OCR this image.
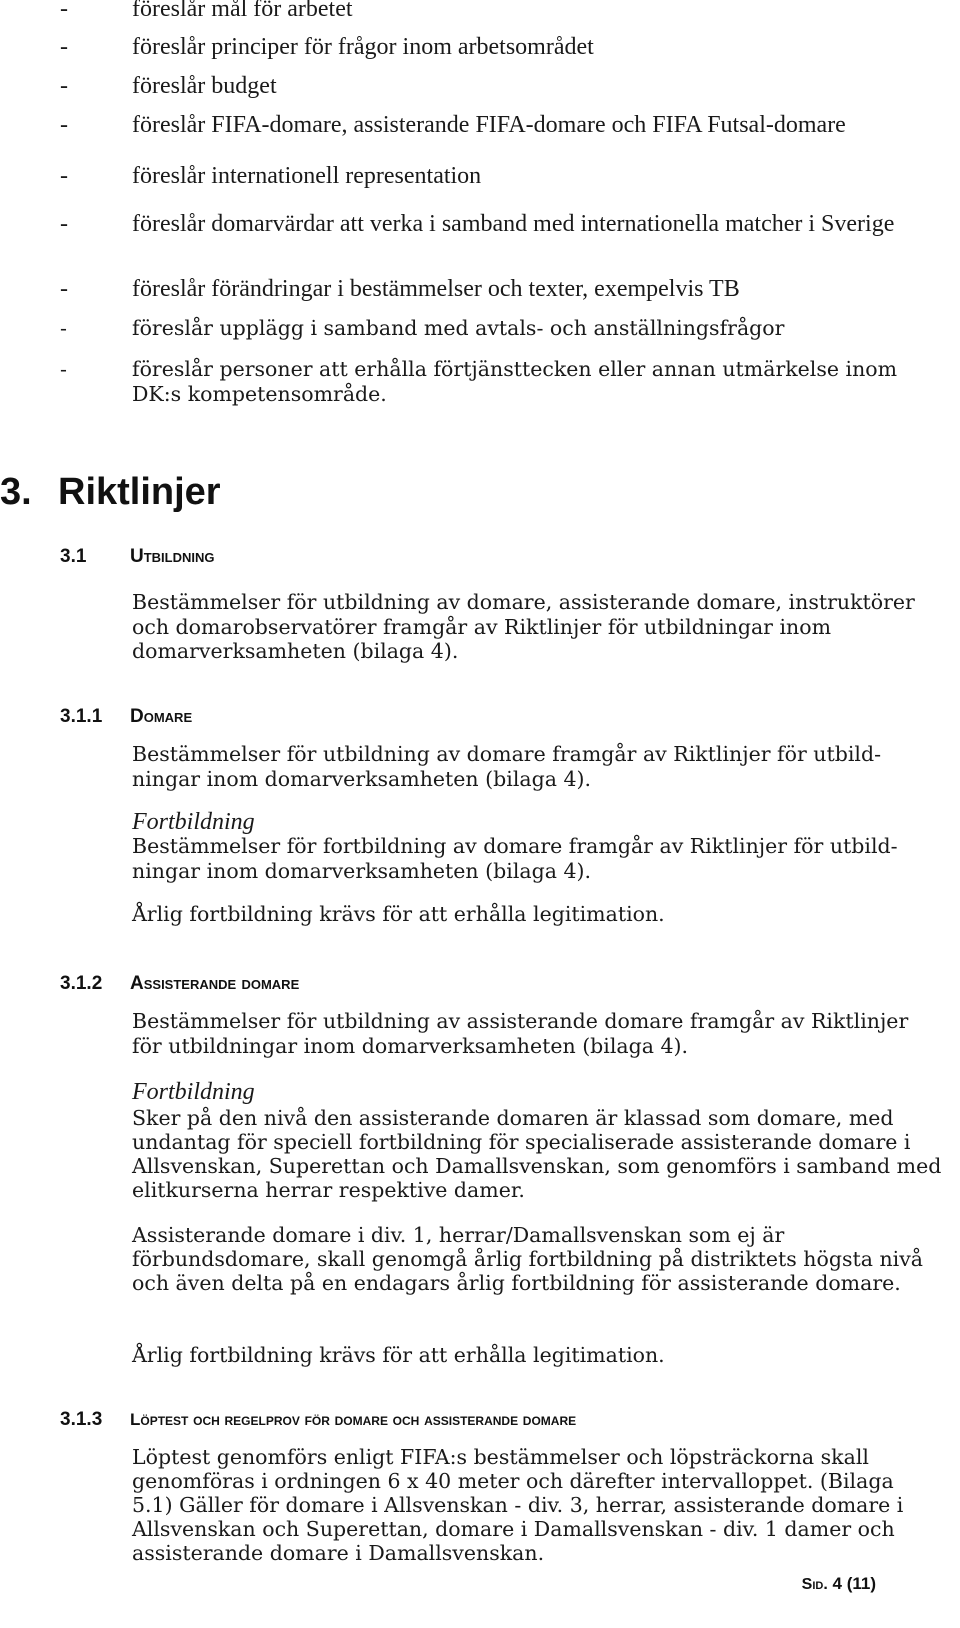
-	föreslår mål för arbetet
-	föreslår principer för frågor inom arbetsområdet
-	föreslår budget
-	föreslår FIFA-domare, assisterande FIFA-domare och FIFA Futsal-domare
-	föreslår internationell representation
-	föreslår domarvärdar att verka i samband med internationella matcher i Sverige
-	föreslår förändringar i bestämmelser och texter, exempelvis TB
-	föreslår upplägg i samband med avtals- och anställningsfrågor
-	föreslår personer att erhålla förtjänsttecken eller annan utmärkelse inom DK:s kompetensområde.
3. Riktlinjer
3.1 Utbildning

Bestämmelser för utbildning av domare, assisterande domare, instruktörer och domarobservatörer framgår av Riktlinjer för utbildningar inom domarverksamheten (bilaga 4).

3.1.1 Domare

Bestämmelser för utbildning av domare framgår av Riktlinjer för utbild-ningar inom domarverksamheten (bilaga 4).

Fortbildning

Bestämmelser för fortbildning av domare framgår av Riktlinjer för utbild-ningar inom domarverksamheten (bilaga 4).

Årlig fortbildning krävs för att erhålla legitimation.

3.1.2 Assisterande domare

Bestämmelser för utbildning av assisterande domare framgår av Riktlinjer för utbildningar inom domarverksamheten (bilaga 4).

Fortbildning

Sker på den nivå den assisterande domaren är klassad som domare, med undantag för speciell fortbildning för specialiserade assisterande domare i Allsvenskan, Superettan och Damallsvenskan, som genomförs i samband med elitkurserna herrar respektive damer.

Assisterande domare i div. 1, herrar/Damallsvenskan som ej är förbundsdomare, skall genomgå årlig fortbildning på distriktets högsta nivå och även delta på en endagars årlig fortbildning för assisterande domare.

Årlig fortbildning krävs för att erhålla legitimation.

3.1.3 Löptest och regelprov för domare och assisterande domare

Löptest genomförs enligt FIFA:s bestämmelser och löpsträckorna skall genomföras i ordningen 6 x 40 meter och därefter intervalloppet. (Bilaga 5.1) Gäller för domare i Allsvenskan - div. 3, herrar, assisterande domare i Allsvenskan och Superettan, domare i Damallsvenskan - div. 1 damer och assisterande domare i Damallsvenskan.

Sid. 4 (11)
